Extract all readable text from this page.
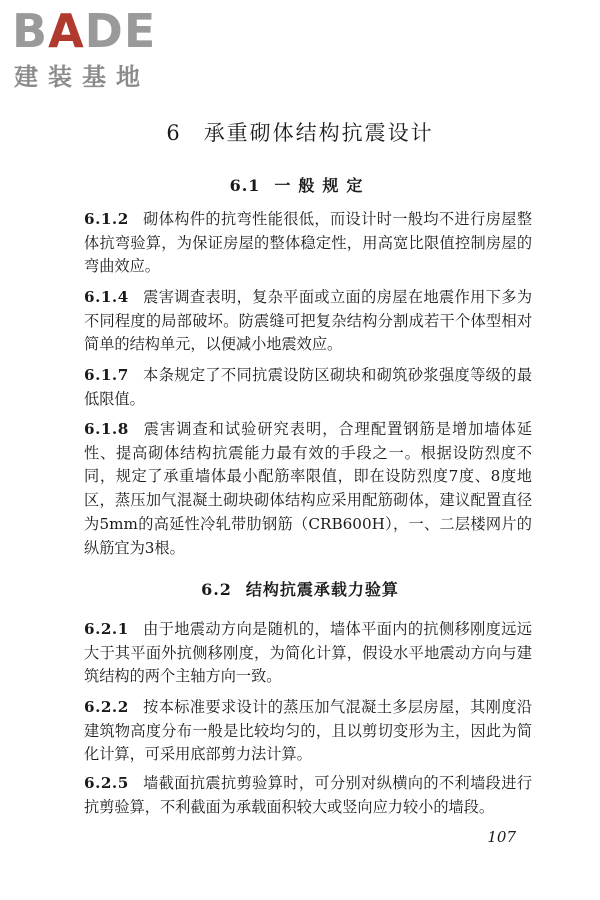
BADE
建装基地
6 承重砌体结构抗震设计
6.1 一般规定
6.1.2 砌体构件的抗弯性能很低，而设计时一般均不进行房屋整体抗弯验算，为保证房屋的整体稳定性，用高宽比限值控制房屋的弯曲效应。
6.1.4 震害调查表明，复杂平面或立面的房屋在地震作用下多为不同程度的局部破坏。防震缝可把复杂结构分割成若干个体型相对简单的结构单元，以便减小地震效应。
6.1.7 本条规定了不同抗震设防区砌块和砌筑砂浆强度等级的最低限值。
6.1.8 震害调查和试验研究表明，合理配置钢筋是增加墙体延性、提高砌体结构抗震能力最有效的手段之一。根据设防烈度不同，规定了承重墙体最小配筋率限值，即在设防烈度7度、8度地区，蒸压加气混凝土砌块砌体结构应采用配筋砌体，建议配置直径为5mm的高延性冷轧带肋钢筋（CRB600H），一、二层楼网片的纵筋宜为3根。
6.2 结构抗震承载力验算
6.2.1 由于地震动方向是随机的，墙体平面内的抗侧移刚度远远大于其平面外抗侧移刚度，为简化计算，假设水平地震动方向与建筑结构的两个主轴方向一致。
6.2.2 按本标准要求设计的蒸压加气混凝土多层房屋，其刚度沿建筑物高度分布一般是比较均匀的，且以剪切变形为主，因此为简化计算，可采用底部剪力法计算。
6.2.5 墙截面抗震抗剪验算时，可分别对纵横向的不利墙段进行抗剪验算，不利截面为承载面积较大或竖向应力较小的墙段。
107
